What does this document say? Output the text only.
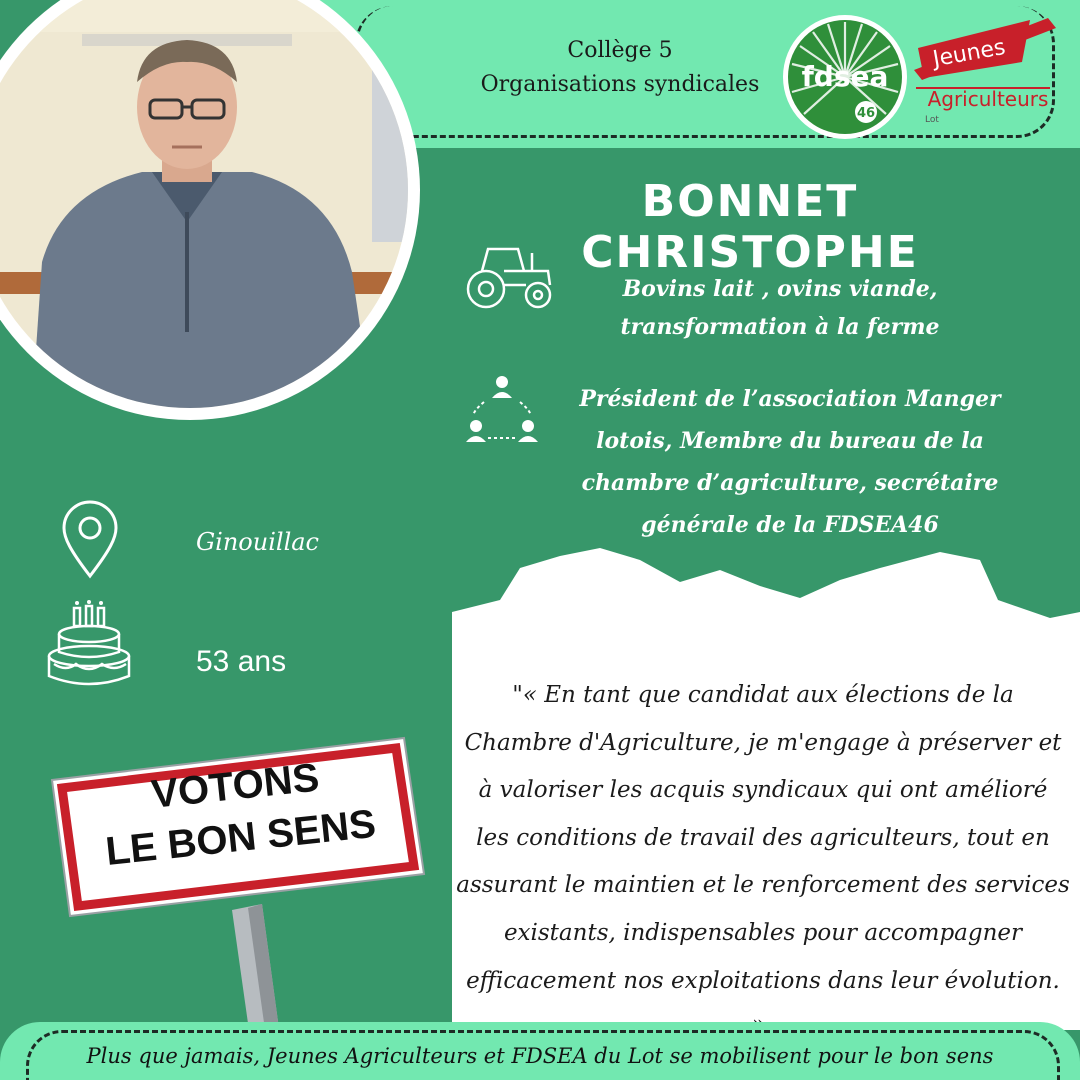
Collège 5
Organisations syndicales	fdsea
46
Jeunes
Agriculteurs
Lot
BONNET CHRISTOPHE
Bovins lait , ovins viande,
transformation à la ferme
Président de l’association Manger
lotois, Membre du bureau de la
chambre d’agriculture, secrétaire
générale de la FDSEA46
Ginouillac
53 ans
"« En tant que candidat aux élections de la
Chambre d'Agriculture, je m'engage à préserver et
à valoriser les acquis syndicaux qui ont amélioré
les conditions de travail des agriculteurs, tout en
assurant le maintien et le renforcement des services
existants, indispensables pour accompagner
efficacement nos exploitations dans leur évolution.
VOTONS
LE BON SENS
Plus que jamais, Jeunes Agriculteurs et FDSEA du Lot se mobilisent pour le bon sens
